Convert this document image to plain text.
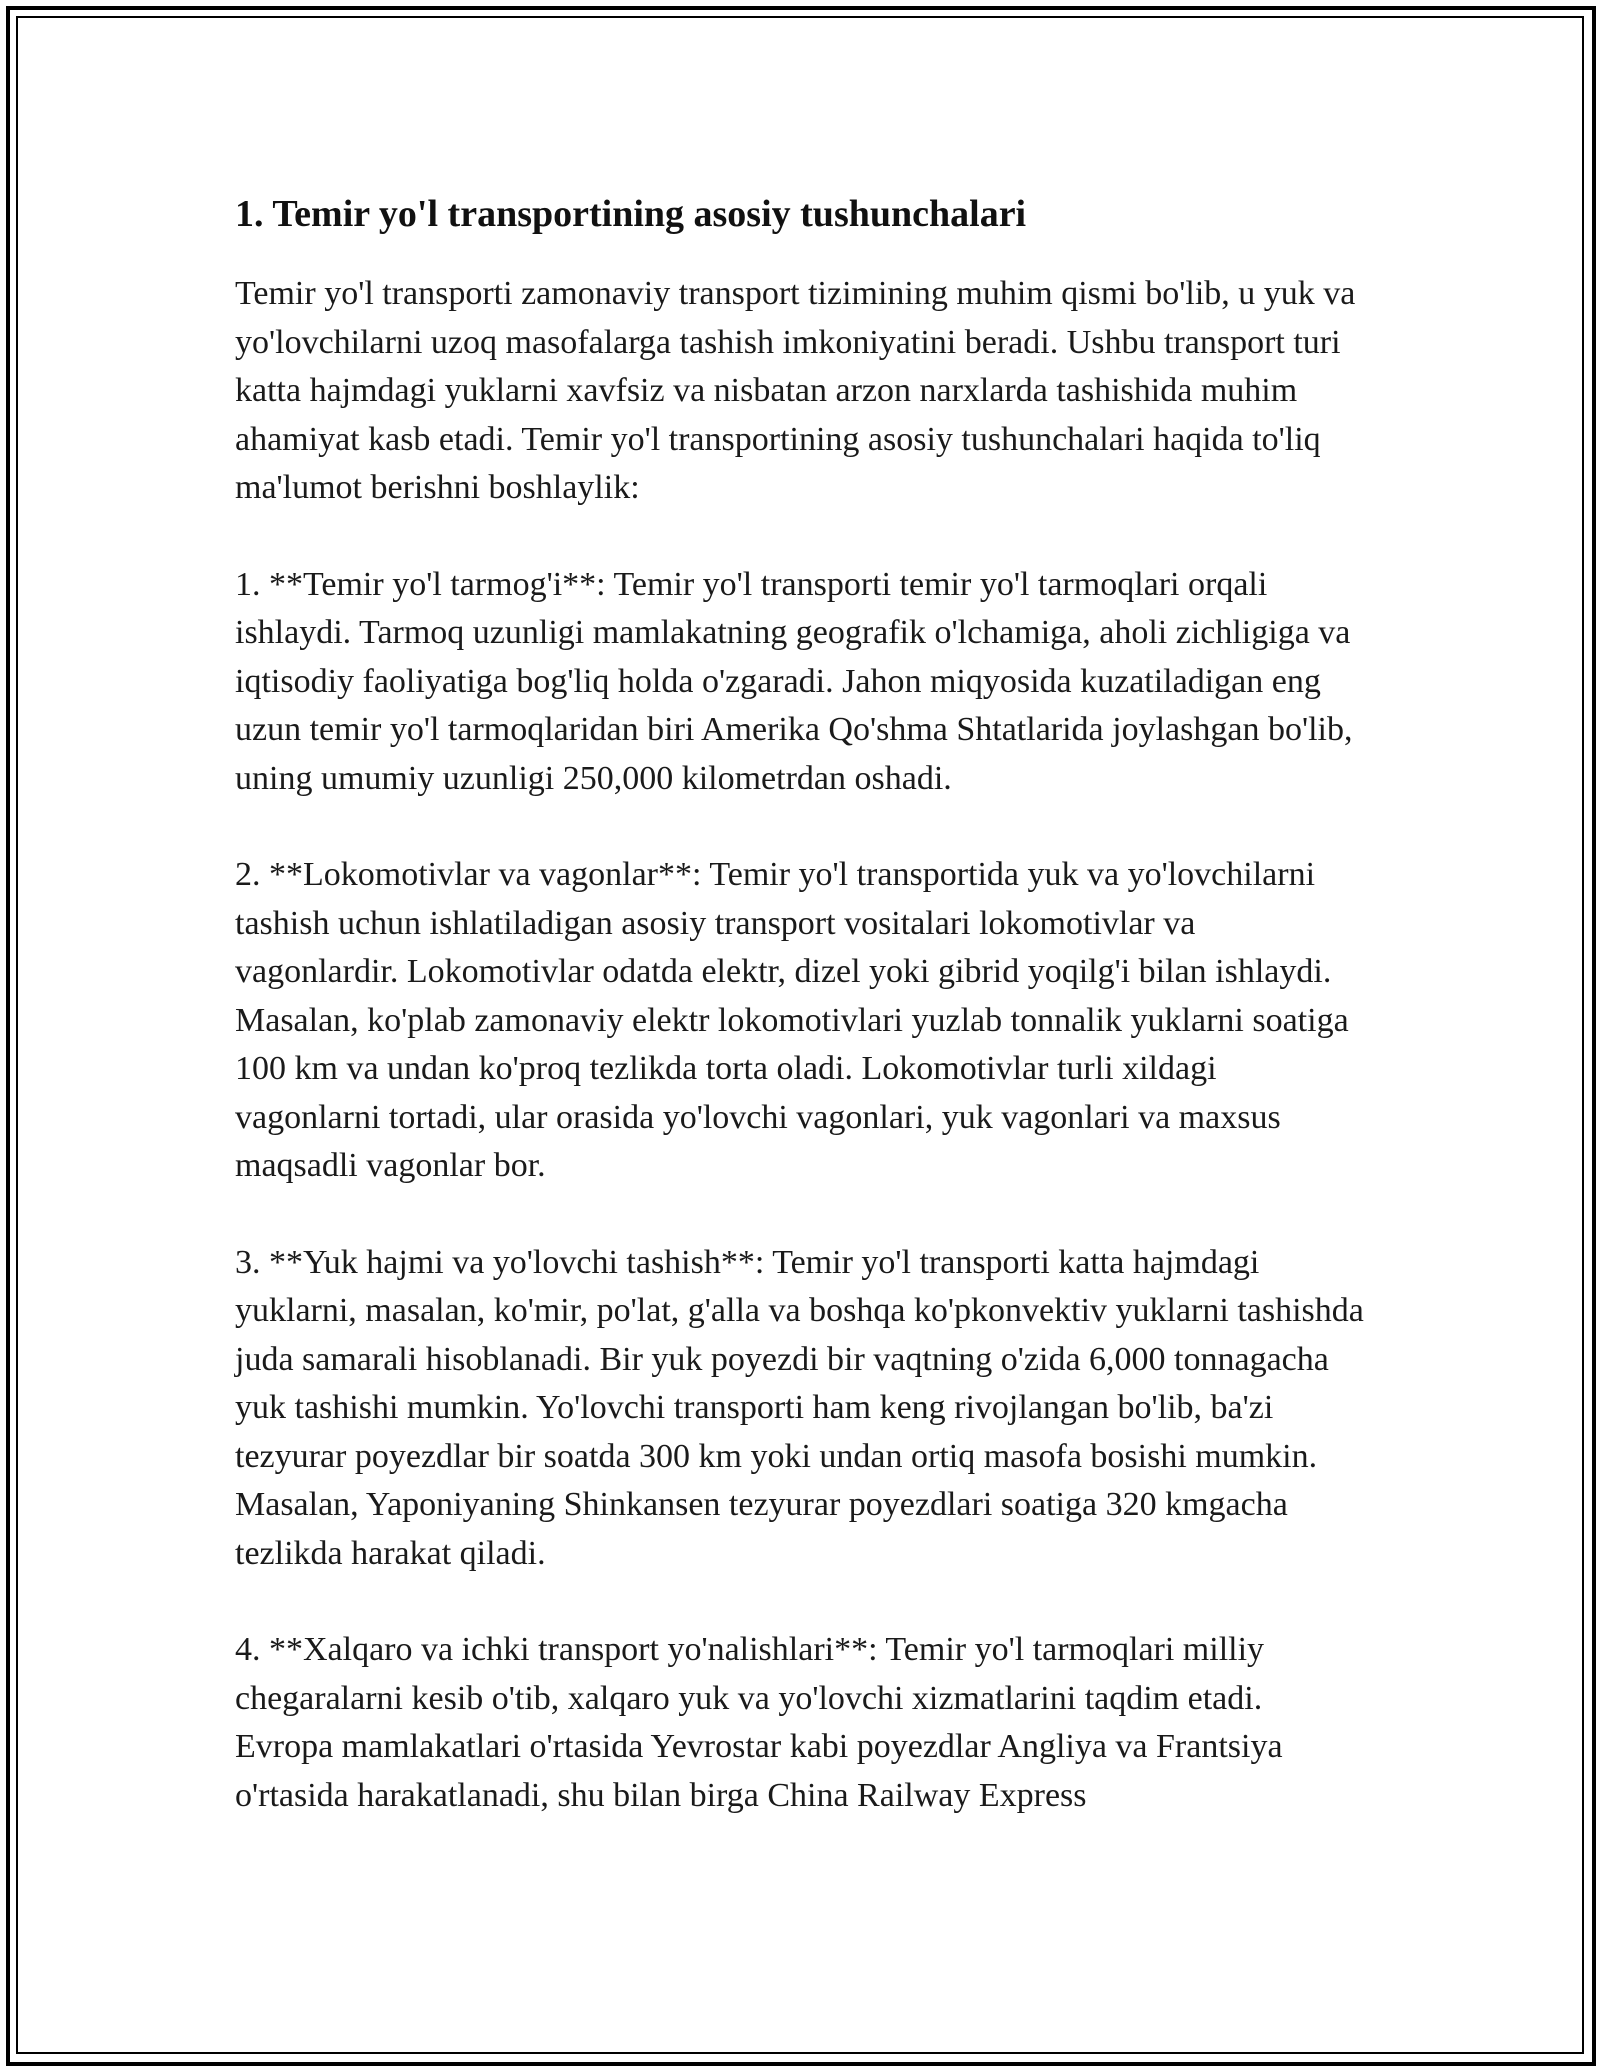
1. Temir yo'l transportining asosiy tushunchalari

Temir yo'l transporti zamonaviy transport tizimining muhim qismi bo'lib, u yuk va yo'lovchilarni uzoq masofalarga tashish imkoniyatini beradi. Ushbu transport turi katta hajmdagi yuklarni xavfsiz va nisbatan arzon narxlarda tashishida muhim ahamiyat kasb etadi. Temir yo'l transportining asosiy tushunchalari haqida to'liq ma'lumot berishni boshlaylik:

1. **Temir yo'l tarmog'i**: Temir yo'l transporti temir yo'l tarmoqlari orqali ishlaydi. Tarmoq uzunligi mamlakatning geografik o'lchamiga, aholi zichligiga va iqtisodiy faoliyatiga bog'liq holda o'zgaradi. Jahon miqyosida kuzatiladigan eng uzun temir yo'l tarmoqlaridan biri Amerika Qo'shma Shtatlarida joylashgan bo'lib, uning umumiy uzunligi 250,000 kilometrdan oshadi.

2. **Lokomotivlar va vagonlar**: Temir yo'l transportida yuk va yo'lovchilarni tashish uchun ishlatiladigan asosiy transport vositalari lokomotivlar va vagonlardir. Lokomotivlar odatda elektr, dizel yoki gibrid yoqilg'i bilan ishlaydi. Masalan, ko'plab zamonaviy elektr lokomotivlari yuzlab tonnalik yuklarni soatiga 100 km va undan ko'proq tezlikda torta oladi. Lokomotivlar turli xildagi vagonlarni tortadi, ular orasida yo'lovchi vagonlari, yuk vagonlari va maxsus maqsadli vagonlar bor.

3. **Yuk hajmi va yo'lovchi tashish**: Temir yo'l transporti katta hajmdagi yuklarni, masalan, ko'mir, po'lat, g'alla va boshqa ko'pkonvektiv yuklarni tashishda juda samarali hisoblanadi. Bir yuk poyezdi bir vaqtning o'zida 6,000 tonnagacha yuk tashishi mumkin. Yo'lovchi transporti ham keng rivojlangan bo'lib, ba'zi tezyurar poyezdlar bir soatda 300 km yoki undan ortiq masofa bosishi mumkin. Masalan, Yaponiyaning Shinkansen tezyurar poyezdlari soatiga 320 kmgacha tezlikda harakat qiladi.

4. **Xalqaro va ichki transport yo'nalishlari**: Temir yo'l tarmoqlari milliy chegaralarni kesib o'tib, xalqaro yuk va yo'lovchi xizmatlarini taqdim etadi. Evropa mamlakatlari o'rtasida Yevrostar kabi poyezdlar Angliya va Frantsiya o'rtasida harakatlanadi, shu bilan birga China Railway Express
